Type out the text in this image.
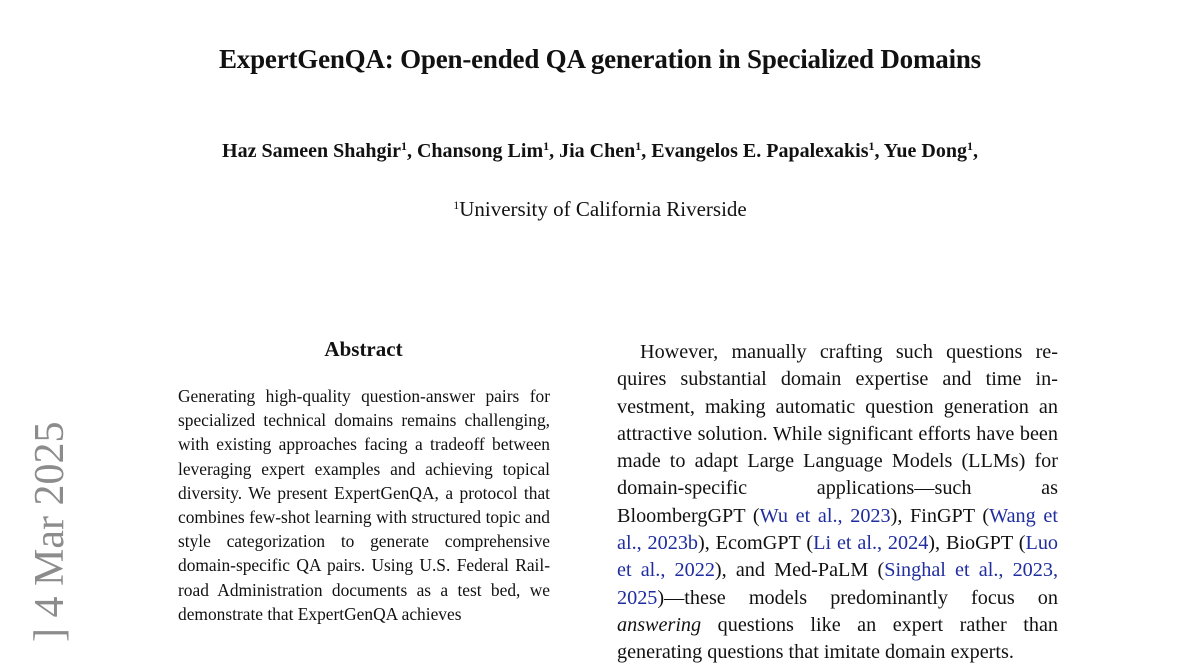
ExpertGenQA: Open-ended QA generation in Specialized Domains

Haz Sameen Shahgir$^1$, Chansong Lim$^1$, Jia Chen$^1$, Evangelos E. Papalexakis$^1$, Yue Dong$^1$,

$^1$University of California Riverside

] 4 Mar 2025
Abstract

Generating high-quality question-answer pairs for specialized technical domains remains challenging, with existing approaches facing a tradeoff between leveraging expert examples and achieving topical diversity. We present ExpertGenQA, a protocol that combines few-shot learning with structured topic and style categorization to generate comprehensive domain-specific QA pairs. Using U.S. Federal Railroad Administration documents as a test bed, we demonstrate that ExpertGenQA achieves

However, manually crafting such questions requires substantial domain expertise and time investment, making automatic question generation an attractive solution. While significant efforts have been made to adapt Large Language Models (LLMs) for domain-specific applications—such as BloombergGPT (Wu et al., 2023), FinGPT (Wang et al., 2023b), EcomGPT (Li et al., 2024), BioGPT (Luo et al., 2022), and Med-PaLM (Singhal et al., 2023, 2025)—these models predominantly focus on answering questions like an expert rather than generating questions that imitate domain experts.
